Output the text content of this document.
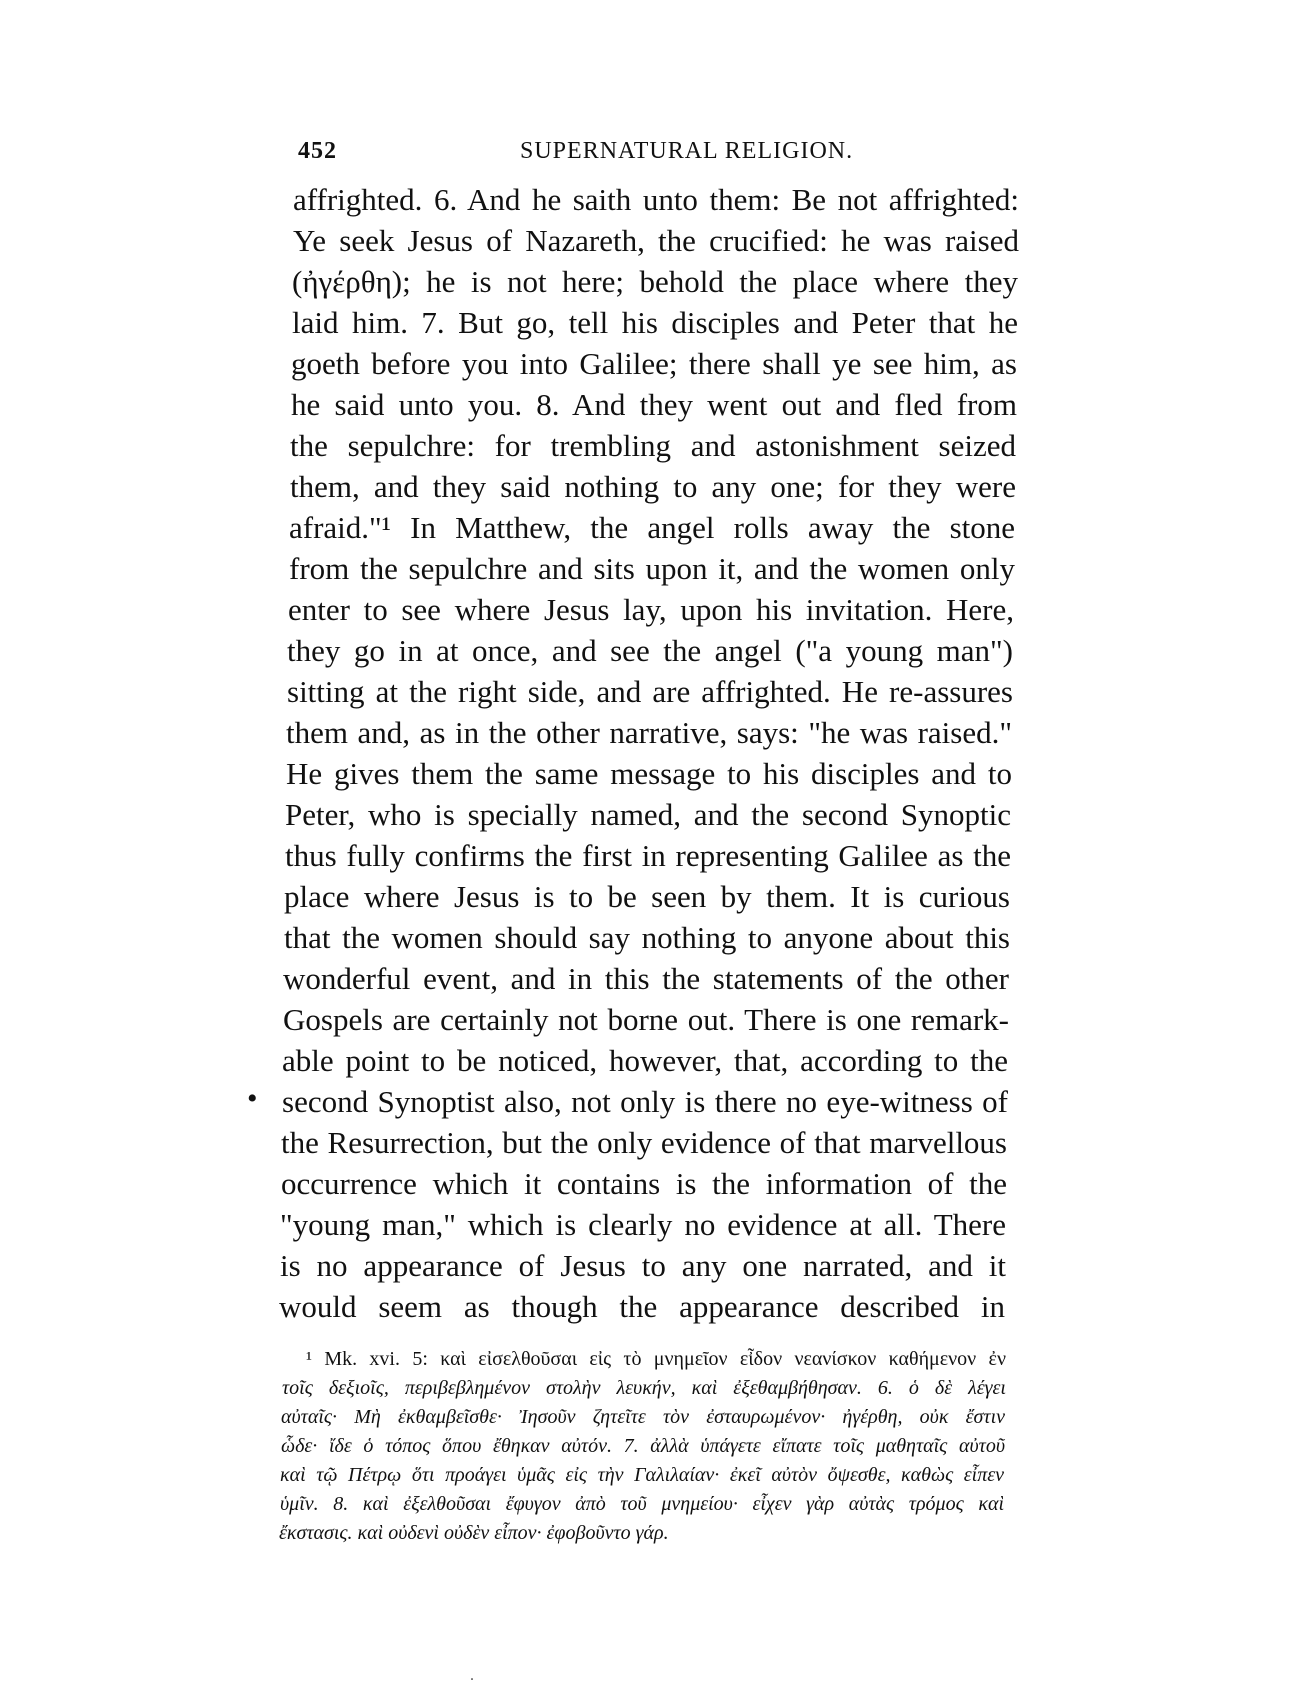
452	SUPERNATURAL RELIGION.
•
affrighted. 6. And he saith unto them: Be not affrighted:
Ye seek Jesus of Nazareth, the crucified: he was raised
(ἠγέρθη); he is not here; behold the place where they
laid him. 7. But go, tell his disciples and Peter that he
goeth before you into Galilee; there shall ye see him, as
he said unto you. 8. And they went out and fled from
the sepulchre: for trembling and astonishment seized
them, and they said nothing to any one; for they were
afraid."¹ In Matthew, the angel rolls away the stone
from the sepulchre and sits upon it, and the women only
enter to see where Jesus lay, upon his invitation. Here,
they go in at once, and see the angel ("a young man")
sitting at the right side, and are affrighted. He re-assures
them and, as in the other narrative, says: "he was raised."
He gives them the same message to his disciples and to
Peter, who is specially named, and the second Synoptic
thus fully confirms the first in representing Galilee as the
place where Jesus is to be seen by them. It is curious
that the women should say nothing to anyone about this
wonderful event, and in this the statements of the other
Gospels are certainly not borne out. There is one remark-
able point to be noticed, however, that, according to the
second Synoptist also, not only is there no eye-witness of
the Resurrection, but the only evidence of that marvellous
occurrence which it contains is the information of the
"young man," which is clearly no evidence at all. There
is no appearance of Jesus to any one narrated, and it
would seem as though the appearance described in
¹ Mk. xvi. 5: καὶ εἰσελθοῦσαι εἰς τὸ μνημεῖον εἶδον νεανίσκον καθήμενον ἐν
τοῖς δεξιοῖς, περιβεβλημένον στολὴν λευκήν, καὶ ἐξεθαμβήθησαν. 6. ὁ δὲ λέγει
αὐταῖς· Μὴ ἐκθαμβεῖσθε· Ἰησοῦν ζητεῖτε τὸν ἐσταυρωμένον· ἠγέρθη, οὐκ ἔστιν
ὧδε· ἴδε ὁ τόπος ὅπου ἔθηκαν αὐτόν. 7. ἀλλὰ ὑπάγετε εἴπατε τοῖς μαθηταῖς αὐτοῦ
καὶ τῷ Πέτρῳ ὅτι προάγει ὑμᾶς εἰς τὴν Γαλιλαίαν· ἐκεῖ αὐτὸν ὄψεσθε, καθὼς εἶπεν
ὑμῖν. 8. καὶ ἐξελθοῦσαι ἔφυγον ἀπὸ τοῦ μνημείου· εἶχεν γὰρ αὐτὰς τρόμος καὶ
ἔκστασις. καὶ οὐδενὶ οὐδὲν εἶπον· ἐφοβοῦντο γάρ.
.
